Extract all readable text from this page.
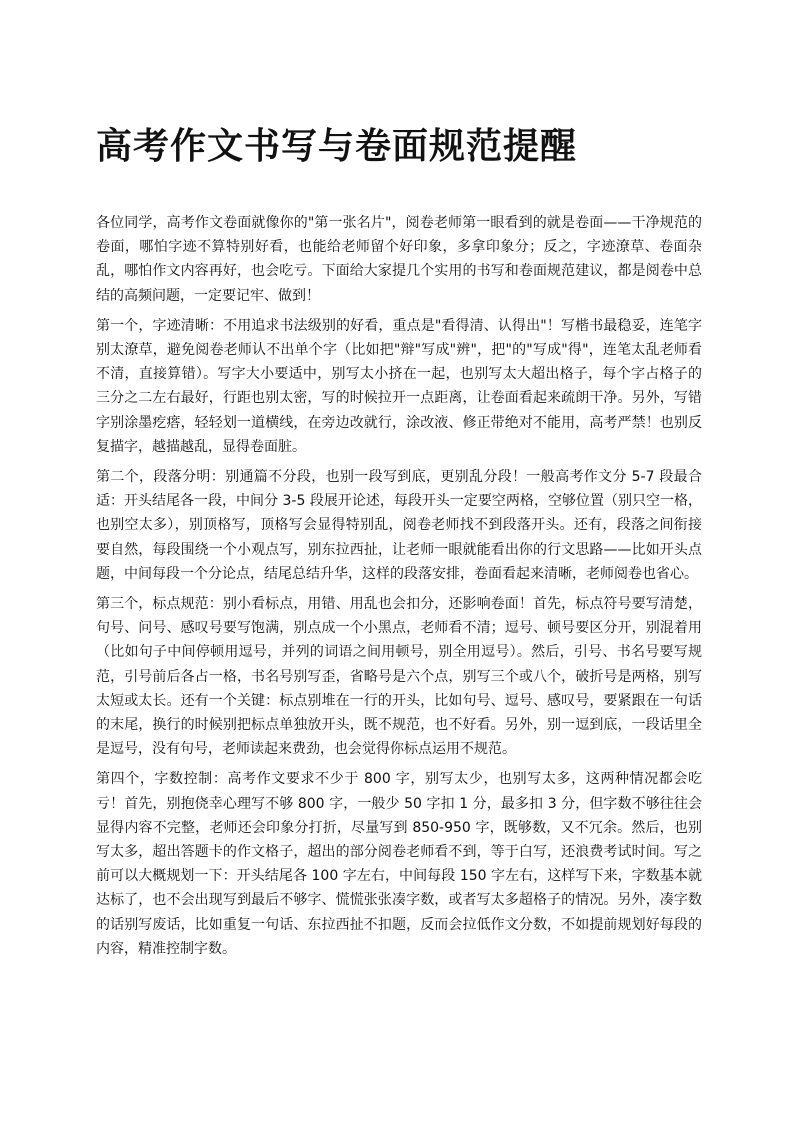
高考作文书写与卷面规范提醒

各位同学，高考作文卷面就像你的"第一张名片"，阅卷老师第一眼看到的就是卷面——干净规范的卷面，哪怕字迹不算特别好看，也能给老师留个好印象，多拿印象分；反之，字迹潦草、卷面杂乱，哪怕作文内容再好，也会吃亏。下面给大家提几个实用的书写和卷面规范建议，都是阅卷中总结的高频问题，一定要记牢、做到！

第一个，字迹清晰：不用追求书法级别的好看，重点是"看得清、认得出"！写楷书最稳妥，连笔字别太潦草，避免阅卷老师认不出单个字（比如把"辩"写成"辨"，把"的"写成"得"，连笔太乱老师看不清，直接算错）。写字大小要适中，别写太小挤在一起，也别写太大超出格子，每个字占格子的三分之二左右最好，行距也别太密，写的时候拉开一点距离，让卷面看起来疏朗干净。另外，写错字别涂墨疙瘩，轻轻划一道横线，在旁边改就行，涂改液、修正带绝对不能用，高考严禁！也别反复描字，越描越乱，显得卷面脏。

第二个，段落分明：别通篇不分段，也别一段写到底，更别乱分段！一般高考作文分 5-7 段最合适：开头结尾各一段，中间分 3-5 段展开论述，每段开头一定要空两格，空够位置（别只空一格，也别空太多），别顶格写，顶格写会显得特别乱，阅卷老师找不到段落开头。还有，段落之间衔接要自然，每段围绕一个小观点写，别东拉西扯，让老师一眼就能看出你的行文思路——比如开头点题，中间每段一个分论点，结尾总结升华，这样的段落安排，卷面看起来清晰，老师阅卷也省心。

第三个，标点规范：别小看标点，用错、用乱也会扣分，还影响卷面！首先，标点符号要写清楚，句号、问号、感叹号要写饱满，别点成一个小黑点，老师看不清；逗号、顿号要区分开，别混着用（比如句子中间停顿用逗号，并列的词语之间用顿号，别全用逗号）。然后，引号、书名号要写规范，引号前后各占一格，书名号别写歪，省略号是六个点，别写三个或八个，破折号是两格，别写太短或太长。还有一个关键：标点别堆在一行的开头，比如句号、逗号、感叹号，要紧跟在一句话的末尾，换行的时候别把标点单独放开头，既不规范，也不好看。另外，别一逗到底，一段话里全是逗号，没有句号，老师读起来费劲，也会觉得你标点运用不规范。

第四个，字数控制：高考作文要求不少于 800 字，别写太少，也别写太多，这两种情况都会吃亏！首先，别抱侥幸心理写不够 800 字，一般少 50 字扣 1 分，最多扣 3 分，但字数不够往往会显得内容不完整，老师还会印象分打折，尽量写到 850-950 字，既够数，又不冗余。然后，也别写太多，超出答题卡的作文格子，超出的部分阅卷老师看不到，等于白写，还浪费考试时间。写之前可以大概规划一下：开头结尾各 100 字左右，中间每段 150 字左右，这样写下来，字数基本就达标了，也不会出现写到最后不够字、慌慌张张凑字数，或者写太多超格子的情况。另外，凑字数的话别写废话，比如重复一句话、东拉西扯不扣题，反而会拉低作文分数，不如提前规划好每段的内容，精准控制字数。
